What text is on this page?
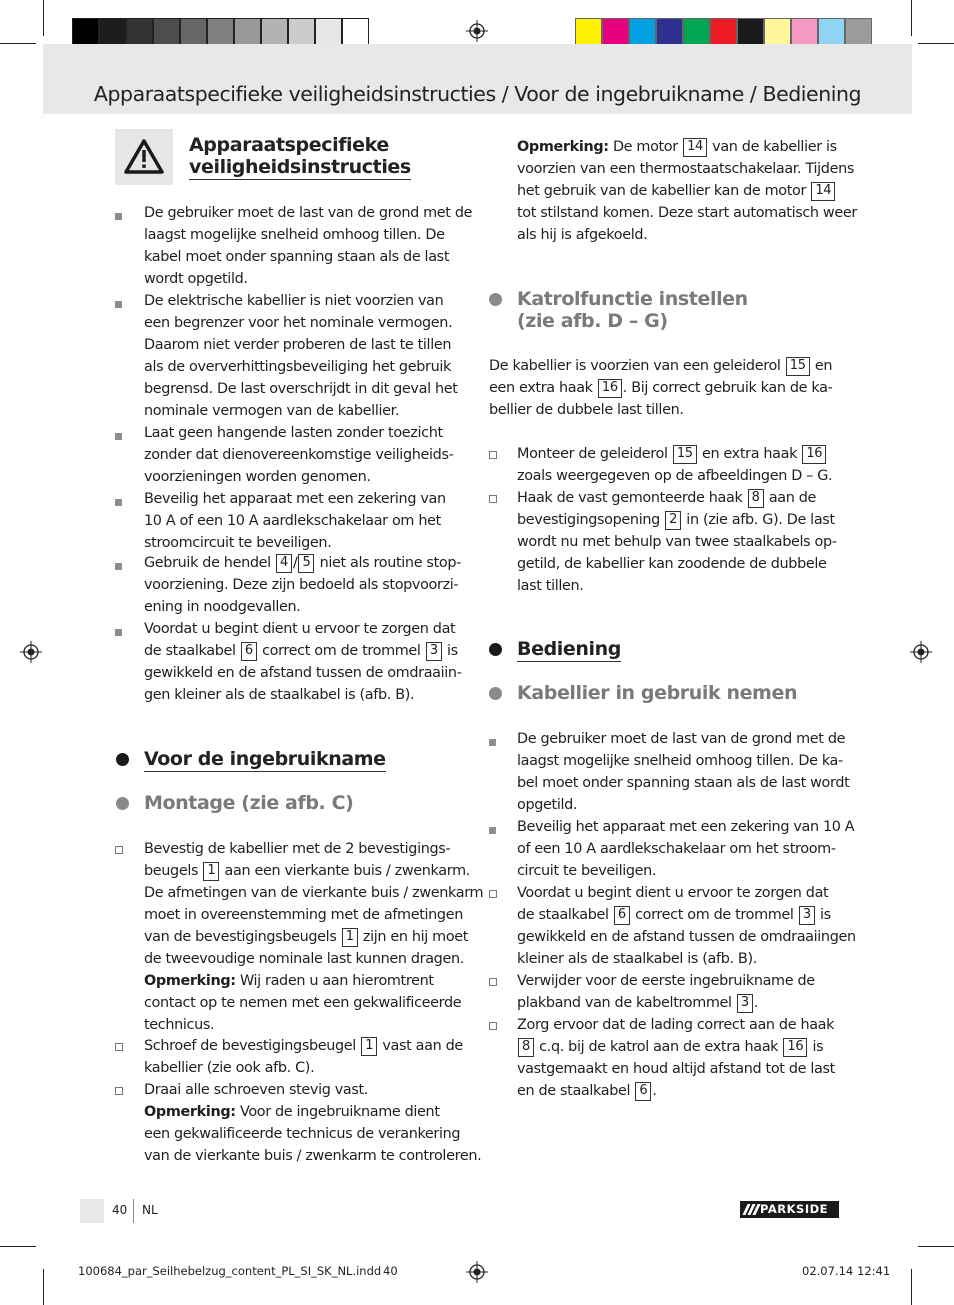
Apparaatspecifieke veiligheidsinstructies / Voor de ingebruikname / Bediening
Apparaatspecifieke
veiligheidsinstructies
De gebruiker moet de last van de grond met de
laagst mogelijke snelheid omhoog tillen. De
kabel moet onder spanning staan als de last
wordt opgetild.
De elektrische kabellier is niet voorzien van
een begrenzer voor het nominale vermogen.
Daarom niet verder proberen de last te tillen
als de oververhittingsbeveiliging het gebruik
begrensd. De last overschrijdt in dit geval het
nominale vermogen van de kabellier.
Laat geen hangende lasten zonder toezicht
zonder dat dienovereenkomstige veiligheids-
voorzieningen worden genomen.
Beveilig het apparaat met een zekering van
10 A of een 10 A aardlekschakelaar om het
stroomcircuit te beveiligen.
Gebruik de hendel 4 / 5 niet als routine stop-
voorziening. Deze zijn bedoeld als stopvoorzi-
ening in noodgevallen.
Voordat u begint dient u ervoor te zorgen dat
de staalkabel 6 correct om de trommel 3 is
gewikkeld en de afstand tussen de omdraaiin-
gen kleiner als de staalkabel is (afb. B).
Voor de ingebruikname
Montage (zie afb. C)
Bevestig de kabellier met de 2 bevestigings-
beugels 1 aan een vierkante buis / zwenkarm.
De afmetingen van de vierkante buis / zwenkarm
moet in overeenstemming met de afmetingen
van de bevestigingsbeugels 1 zijn en hij moet
de tweevoudige nominale last kunnen dragen.
Opmerking: Wij raden u aan hieromtrent
contact op te nemen met een gekwalificeerde
technicus.
Schroef de bevestigingsbeugel 1 vast aan de
kabellier (zie ook afb. C).
Draai alle schroeven stevig vast.
Opmerking: Voor de ingebruikname dient
een gekwalificeerde technicus de verankering
van de vierkante buis / zwenkarm te controleren.
Opmerking: De motor 14 van de kabellier is
voorzien van een thermostaatschakelaar. Tijdens
het gebruik van de kabellier kan de motor 14
tot stilstand komen. Deze start automatisch weer
als hij is afgekoeld.
Katrolfunctie instellen
(zie afb. D – G)
De kabellier is voorzien van een geleiderol 15 en
een extra haak 16 . Bij correct gebruik kan de ka-
bellier de dubbele last tillen.
Monteer de geleiderol 15 en extra haak 16
zoals weergegeven op de afbeeldingen D – G.
Haak de vast gemonteerde haak 8 aan de
bevestigingsopening 2 in (zie afb. G). De last
wordt nu met behulp van twee staalkabels op-
getild, de kabellier kan zoodende de dubbele
last tillen.
Bediening
Kabellier in gebruik nemen
De gebruiker moet de last van de grond met de
laagst mogelijke snelheid omhoog tillen. De ka-
bel moet onder spanning staan als de last wordt
opgetild.
Beveilig het apparaat met een zekering van 10 A
of een 10 A aardlekschakelaar om het stroom-
circuit te beveiligen.
Voordat u begint dient u ervoor te zorgen dat
de staalkabel 6 correct om de trommel 3 is
gewikkeld en de afstand tussen de omdraaiingen
kleiner als de staalkabel is (afb. B).
Verwijder voor de eerste ingebruikname de
plakband van de kabeltrommel 3 .
Zorg ervoor dat de lading correct aan de haak
8 c.q. bij de katrol aan de extra haak 16 is
vastgemaakt en houd altijd afstand tot de last
en de staalkabel 6 .
40 NL	PARKSIDE
100684_par_Seilhebelzug_content_PL_SI_SK_NL.indd 40	02.07.14 12:41
